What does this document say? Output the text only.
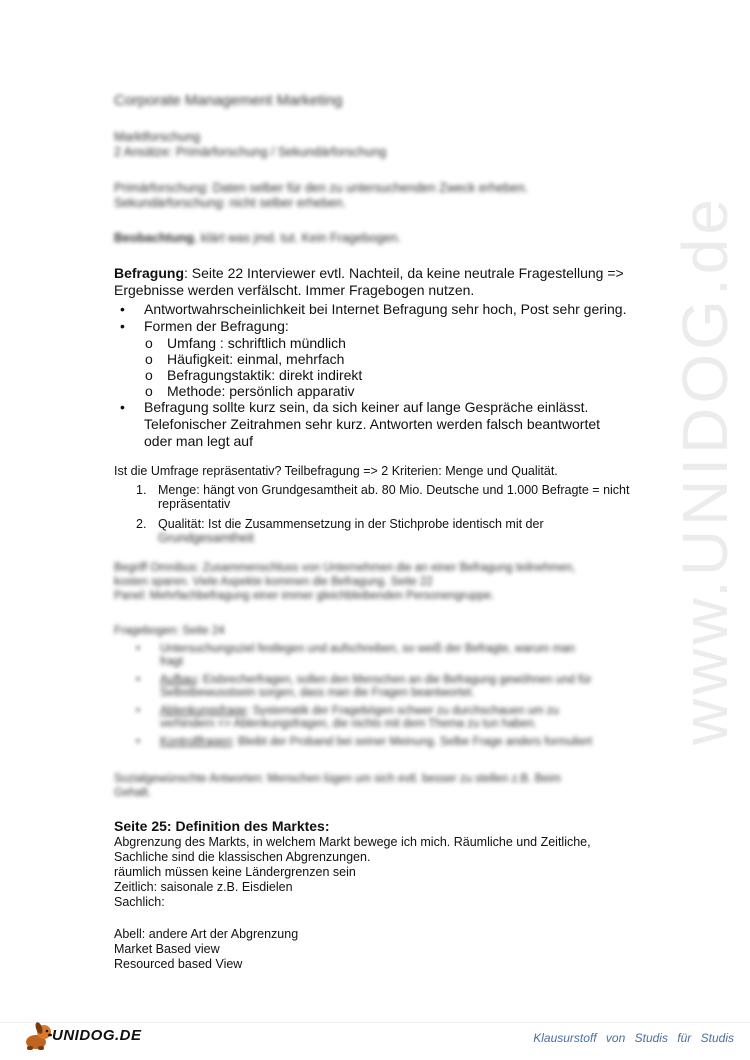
www.UNIDOG.de

Corporate Management Marketing

Marktforschung

2 Ansätze: Primärforschung / Sekundärforschung

Primärforschung: Daten selber für den zu untersuchenden Zweck erheben.

Sekundärforschung: nicht selber erheben.

Beobachtung, klärt was jmd. tut. Kein Fragebogen.

Befragung: Seite 22 Interviewer evtl. Nachteil, da keine neutrale Fragestellung =>

Ergebnisse werden verfälscht. Immer Fragebogen nutzen.

• Antwortwahrscheinlichkeit bei Internet Befragung sehr hoch, Post sehr gering.
• Formen der Befragung:
o Umfang : schriftlich mündlich
o Häufigkeit: einmal, mehrfach
o Befragungstaktik: direkt indirekt
o Methode: persönlich apparativ
• Befragung sollte kurz sein, da sich keiner auf lange Gespräche einlässt.
Telefonischer Zeitrahmen sehr kurz. Antworten werden falsch beantwortet
oder man legt auf

Ist die Umfrage repräsentativ? Teilbefragung => 2 Kriterien: Menge und Qualität.

1. Menge: hängt von Grundgesamtheit ab. 80 Mio. Deutsche und 1.000 Befragte = nicht
repräsentativ
2. Qualität: Ist die Zusammensetzung in der Stichprobe identisch mit der
Grundgesamtheit

Begriff Omnibus: Zusammenschluss von Unternehmen die an einer Befragung teilnehmen,

kosten sparen. Viele Aspekte kommen die Befragung. Seite 22

Panel: Mehrfachbefragung einer immer gleichbleibenden Personengruppe.

Fragebogen: Seite 24

• Untersuchungsziel festlegen und aufschreiben, so weiß der Befragte, warum man
fragt
• Aufbau: Eisbrecherfragen, sollen den Menschen an die Befragung gewöhnen und für
Selbstbewusstsein sorgen, dass man die Fragen beantwortet.
• Ablenkungsfrage: Systematik der Fragebögen schwer zu durchschauen um zu
verhindern => Ablenkungsfragen, die nichts mit dem Thema zu tun haben.
• Kontrollfragen: Bleibt der Proband bei seiner Meinung. Selbe Frage anders formuliert

Sozialgewünschte Antworten: Menschen lügen um sich evtl. besser zu stellen z.B. Beim

Gehalt.

Seite 25: Definition des Marktes:

Abgrenzung des Markts, in welchem Markt bewege ich mich. Räumliche und Zeitliche,

Sachliche sind die klassischen Abgrenzungen.

räumlich müssen keine Ländergrenzen sein

Zeitlich: saisonale z.B. Eisdielen

Sachlich:

Abell: andere Art der Abgrenzung

Market Based view

Resourced based View

UNIDOG.DE	Klausurstoff von Studis für Studis
